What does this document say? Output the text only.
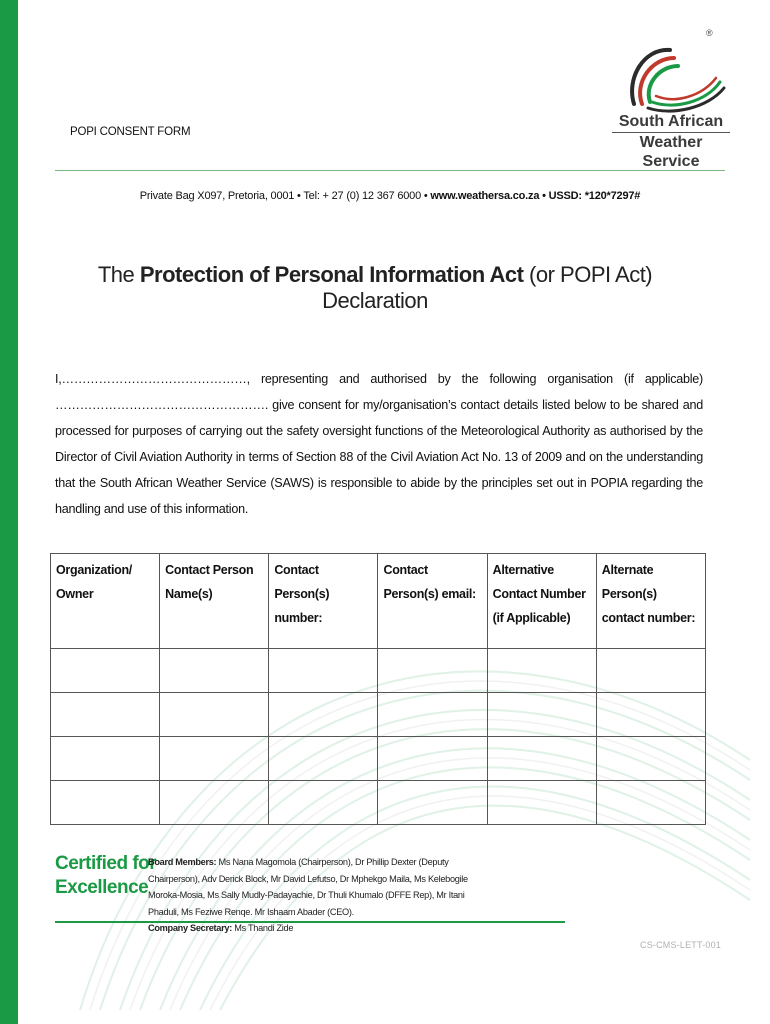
POPI CONSENT FORM
®
South African
Weather Service
Private Bag X097, Pretoria, 0001 • Tel: + 27 (0) 12 367 6000 • www.weathersa.co.za • USSD: *120*7297#
The Protection of Personal Information Act (or POPI Act) Declaration
I,………………………………………, representing and authorised by the following organisation (if applicable) ……………………………………………. give consent for my/organisation’s contact details listed below to be shared and processed for purposes of carrying out the safety oversight functions of the Meteorological Authority as authorised by the Director of Civil Aviation Authority in terms of Section 88 of the Civil Aviation Act No. 13 of 2009 and on the understanding that the South African Weather Service (SAWS) is responsible to abide by the principles set out in POPIA regarding the handling and use of this information.
Organization/ Owner	Contact Person Name(s)	Contact Person(s) number:	Contact Person(s) email:	Alternative Contact Number (if Applicable)	Alternate Person(s) contact number:

Certified for
Excellence
Board Members: Ms Nana Magomola (Chairperson), Dr Phillip Dexter (Deputy Chairperson), Adv Derick Block, Mr David Lefutso, Dr Mphekgo Maila, Ms Kelebogile Moroka-Mosia, Ms Sally Mudly-Padayachie, Dr Thuli Khumalo (DFFE Rep), Mr Itani Phaduli, Ms Feziwe Renqe. Mr Ishaam Abader (CEO).
Company Secretary: Ms Thandi Zide
CS-CMS-LETT-001
